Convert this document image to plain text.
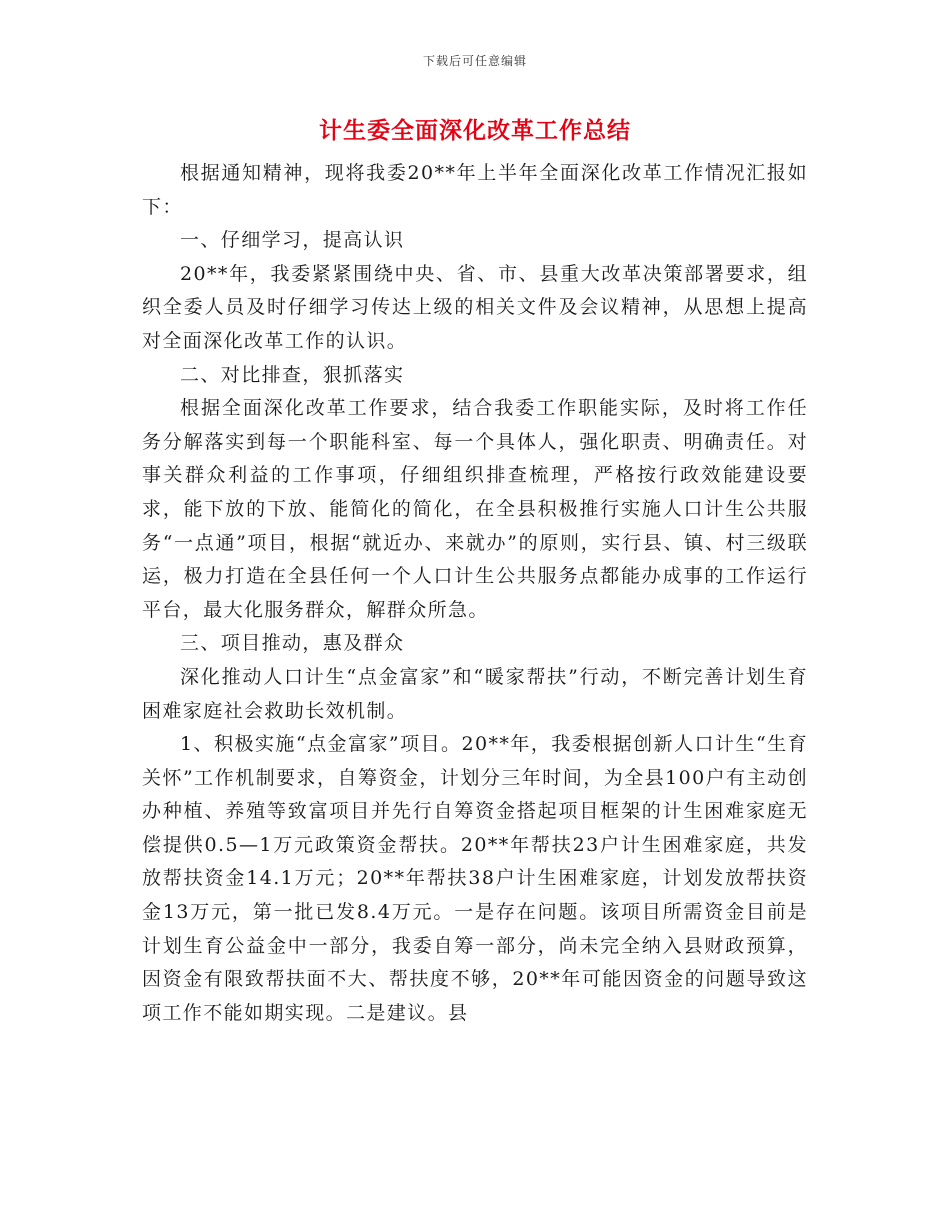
下载后可任意编辑
计生委全面深化改革工作总结

根据通知精神，现将我委20**年上半年全面深化改革工作情况汇报如下：

一、仔细学习，提高认识

20**年，我委紧紧围绕中央、省、市、县重大改革决策部署要求，组织全委人员及时仔细学习传达上级的相关文件及会议精神，从思想上提高对全面深化改革工作的认识。

二、对比排查，狠抓落实

根据全面深化改革工作要求，结合我委工作职能实际，及时将工作任务分解落实到每一个职能科室、每一个具体人，强化职责、明确责任。对事关群众利益的工作事项，仔细组织排查梳理，严格按行政效能建设要求，能下放的下放、能简化的简化，在全县积极推行实施人口计生公共服务“一点通”项目，根据“就近办、来就办”的原则，实行县、镇、村三级联运，极力打造在全县任何一个人口计生公共服务点都能办成事的工作运行平台，最大化服务群众，解群众所急。

三、项目推动，惠及群众

深化推动人口计生“点金富家”和“暖家帮扶”行动，不断完善计划生育困难家庭社会救助长效机制。

1、积极实施“点金富家”项目。20**年，我委根据创新人口计生“生育关怀”工作机制要求，自筹资金，计划分三年时间，为全县100户有主动创办种植、养殖等致富项目并先行自筹资金搭起项目框架的计生困难家庭无偿提供0.5—1万元政策资金帮扶。20**年帮扶23户计生困难家庭，共发放帮扶资金14.1万元；20**年帮扶38户计生困难家庭，计划发放帮扶资金13万元，第一批已发8.4万元。一是存在问题。该项目所需资金目前是计划生育公益金中一部分，我委自筹一部分，尚未完全纳入县财政预算，因资金有限致帮扶面不大、帮扶度不够，20**年可能因资金的问题导致这项工作不能如期实现。二是建议。县
